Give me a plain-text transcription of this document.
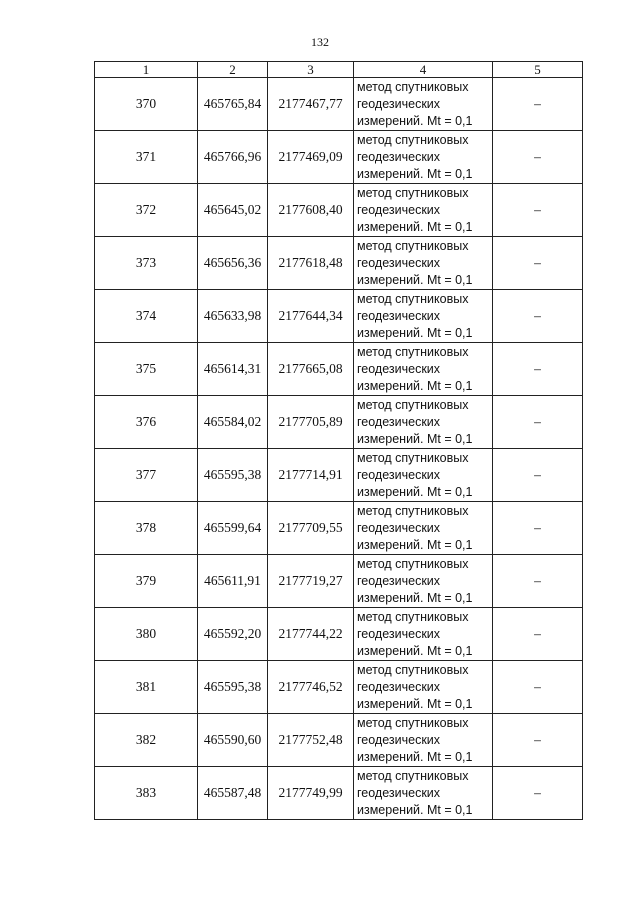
132
1	2	3	4	5
370	465765,84	2177467,77	метод спутниковых
геодезических
измерений. Mt = 0,1	–
371	465766,96	2177469,09	метод спутниковых
геодезических
измерений. Mt = 0,1	–
372	465645,02	2177608,40	метод спутниковых
геодезических
измерений. Mt = 0,1	–
373	465656,36	2177618,48	метод спутниковых
геодезических
измерений. Mt = 0,1	–
374	465633,98	2177644,34	метод спутниковых
геодезических
измерений. Mt = 0,1	–
375	465614,31	2177665,08	метод спутниковых
геодезических
измерений. Mt = 0,1	–
376	465584,02	2177705,89	метод спутниковых
геодезических
измерений. Mt = 0,1	–
377	465595,38	2177714,91	метод спутниковых
геодезических
измерений. Mt = 0,1	–
378	465599,64	2177709,55	метод спутниковых
геодезических
измерений. Mt = 0,1	–
379	465611,91	2177719,27	метод спутниковых
геодезических
измерений. Mt = 0,1	–
380	465592,20	2177744,22	метод спутниковых
геодезических
измерений. Mt = 0,1	–
381	465595,38	2177746,52	метод спутниковых
геодезических
измерений. Mt = 0,1	–
382	465590,60	2177752,48	метод спутниковых
геодезических
измерений. Mt = 0,1	–
383	465587,48	2177749,99	метод спутниковых
геодезических
измерений. Mt = 0,1	–
